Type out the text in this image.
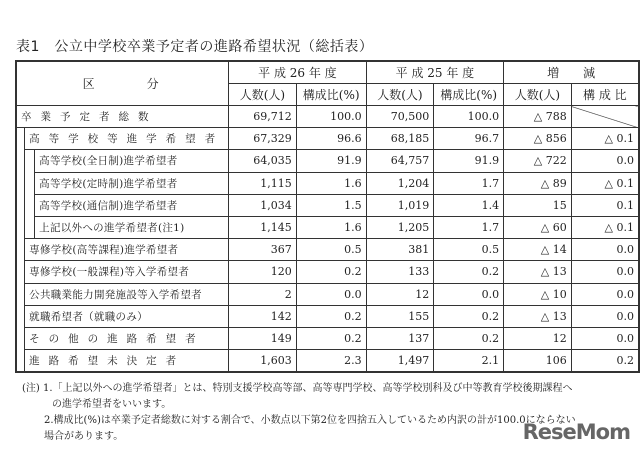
表1　公立中学校卒業予定者の進路希望状況（総括表）
区　　　分			平 成 26 年 度		平 成 25 年 度		増　　減	
			人数(人)	構成比(%)	人数(人)	構成比(%)	人数(人)	構 成 比
卒業予定者総数			69,712	100.0	70,500	100.0	△ 788	
	高等学校等進学希望者		67,329	96.6	68,185	96.7	△ 856	△ 0.1
		高等学校(全日制)進学希望者	64,035	91.9	64,757	91.9	△ 722	0.0
		高等学校(定時制)進学希望者	1,115	1.6	1,204	1.7	△ 89	△ 0.1
		高等学校(通信制)進学希望者	1,034	1.5	1,019	1.4	15	0.1
		上記以外への進学希望者(注1)	1,145	1.6	1,205	1.7	△ 60	△ 0.1
	専修学校(高等課程)進学希望者		367	0.5	381	0.5	△ 14	0.0
	専修学校(一般課程)等入学希望者		120	0.2	133	0.2	△ 13	0.0
	公共職業能力開発施設等入学希望者		2	0.0	12	0.0	△ 10	0.0
	就職希望者（就職のみ）		142	0.2	155	0.2	△ 13	0.0
	その他の進路希望者		149	0.2	137	0.2	12	0.0
	進路希望未決定者		1,603	2.3	1,497	2.1	106	0.2
(注) 1.「上記以外への進学希望者」とは、特別支援学校高等部、高等専門学校、高等学校別科及び中等教育学校後期課程へ
の進学希望者をいいます。
2.構成比(%)は卒業予定者総数に対する割合で、小数点以下第2位を四捨五入しているため内訳の計が100.0にならない
場合があります。	ReseMom
